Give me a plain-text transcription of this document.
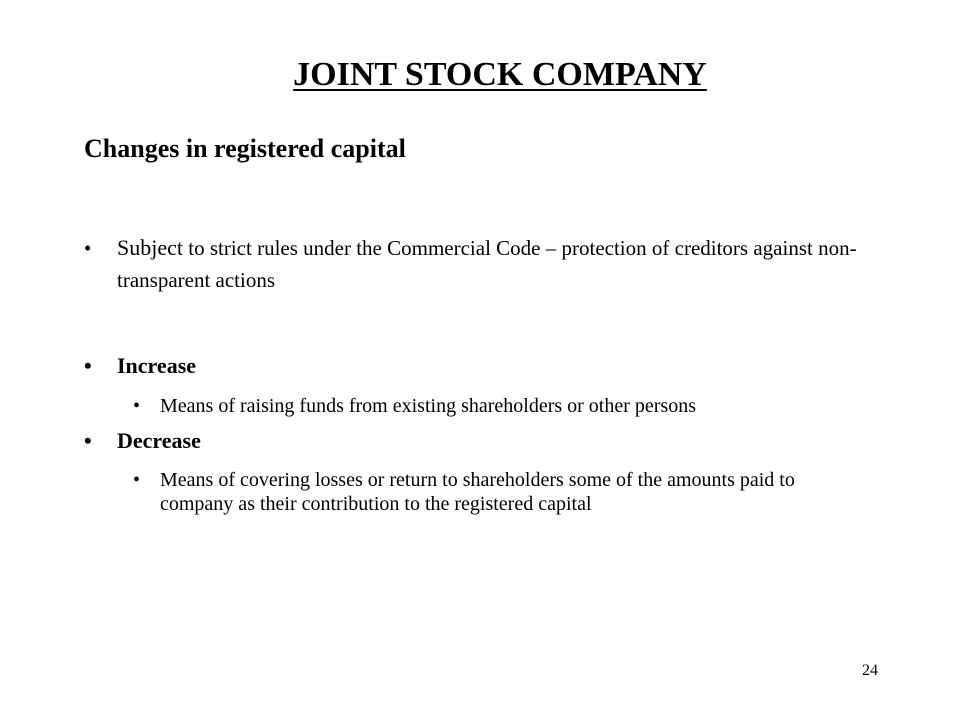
JOINT STOCK COMPANY
Changes in registered capital
• Subject to strict rules under the Commercial Code – protection of creditors against non-transparent actions
• Increase
• Means of raising funds from existing shareholders or other persons
• Decrease
• Means of covering losses or return to shareholders some of the amounts paid to company as their contribution to the registered capital
24
